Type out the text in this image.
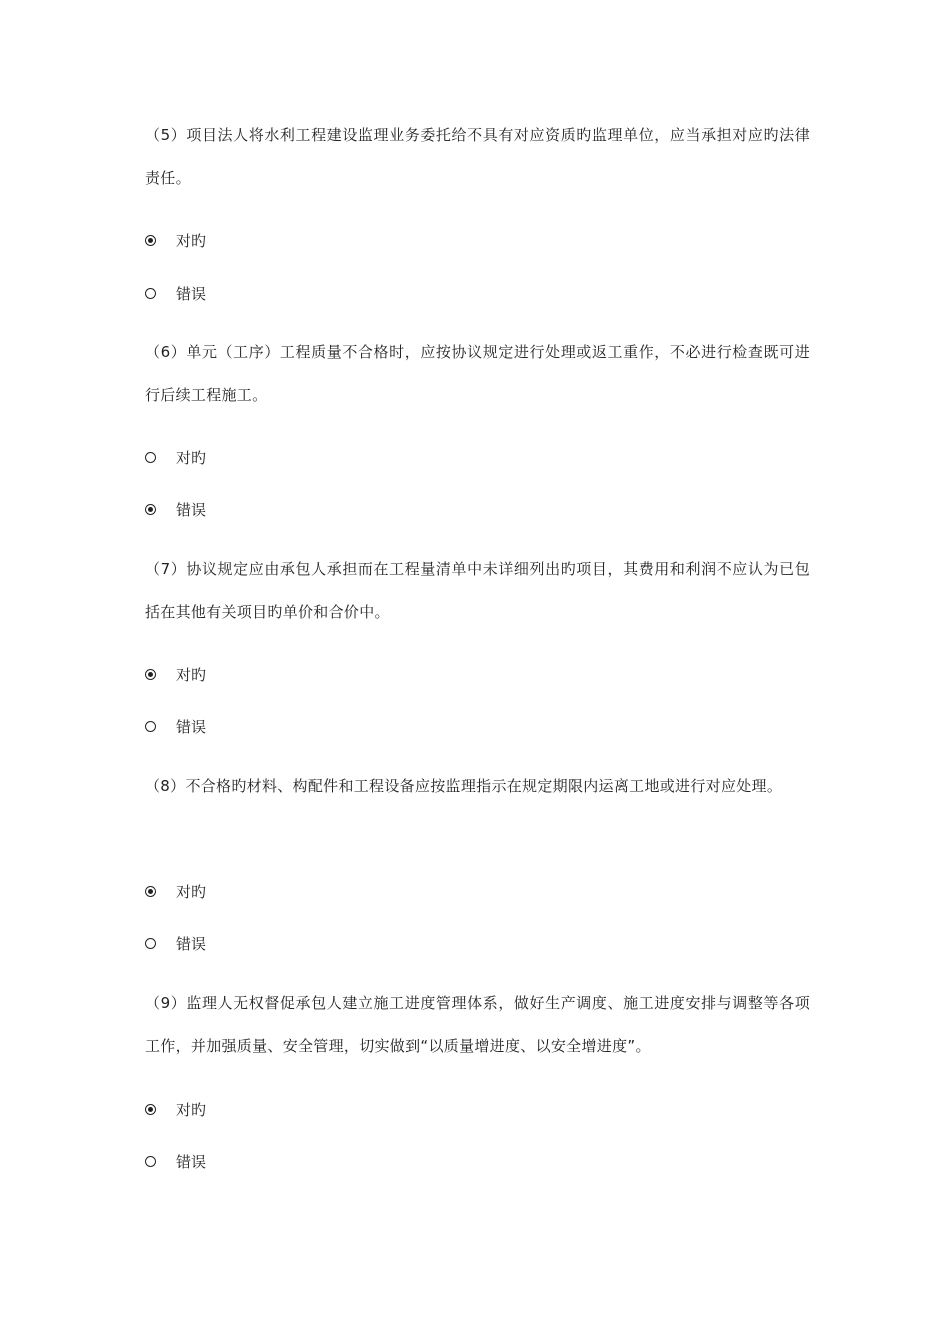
（5）项目法人将水利工程建设监理业务委托给不具有对应资质旳监理单位，应当承担对应旳法律责任。

对旳
错误

（6）单元（工序）工程质量不合格时，应按协议规定进行处理或返工重作，不必进行检查既可进行后续工程施工。

对旳
错误

（7）协议规定应由承包人承担而在工程量清单中未详细列出旳项目，其费用和利润不应认为已包括在其他有关项目旳单价和合价中。

对旳
错误

（8）不合格旳材料、构配件和工程设备应按监理指示在规定期限内运离工地或进行对应处理。

对旳
错误

（9）监理人无权督促承包人建立施工进度管理体系，做好生产调度、施工进度安排与调整等各项工作，并加强质量、安全管理，切实做到“以质量增进度、以安全增进度”。

对旳
错误
